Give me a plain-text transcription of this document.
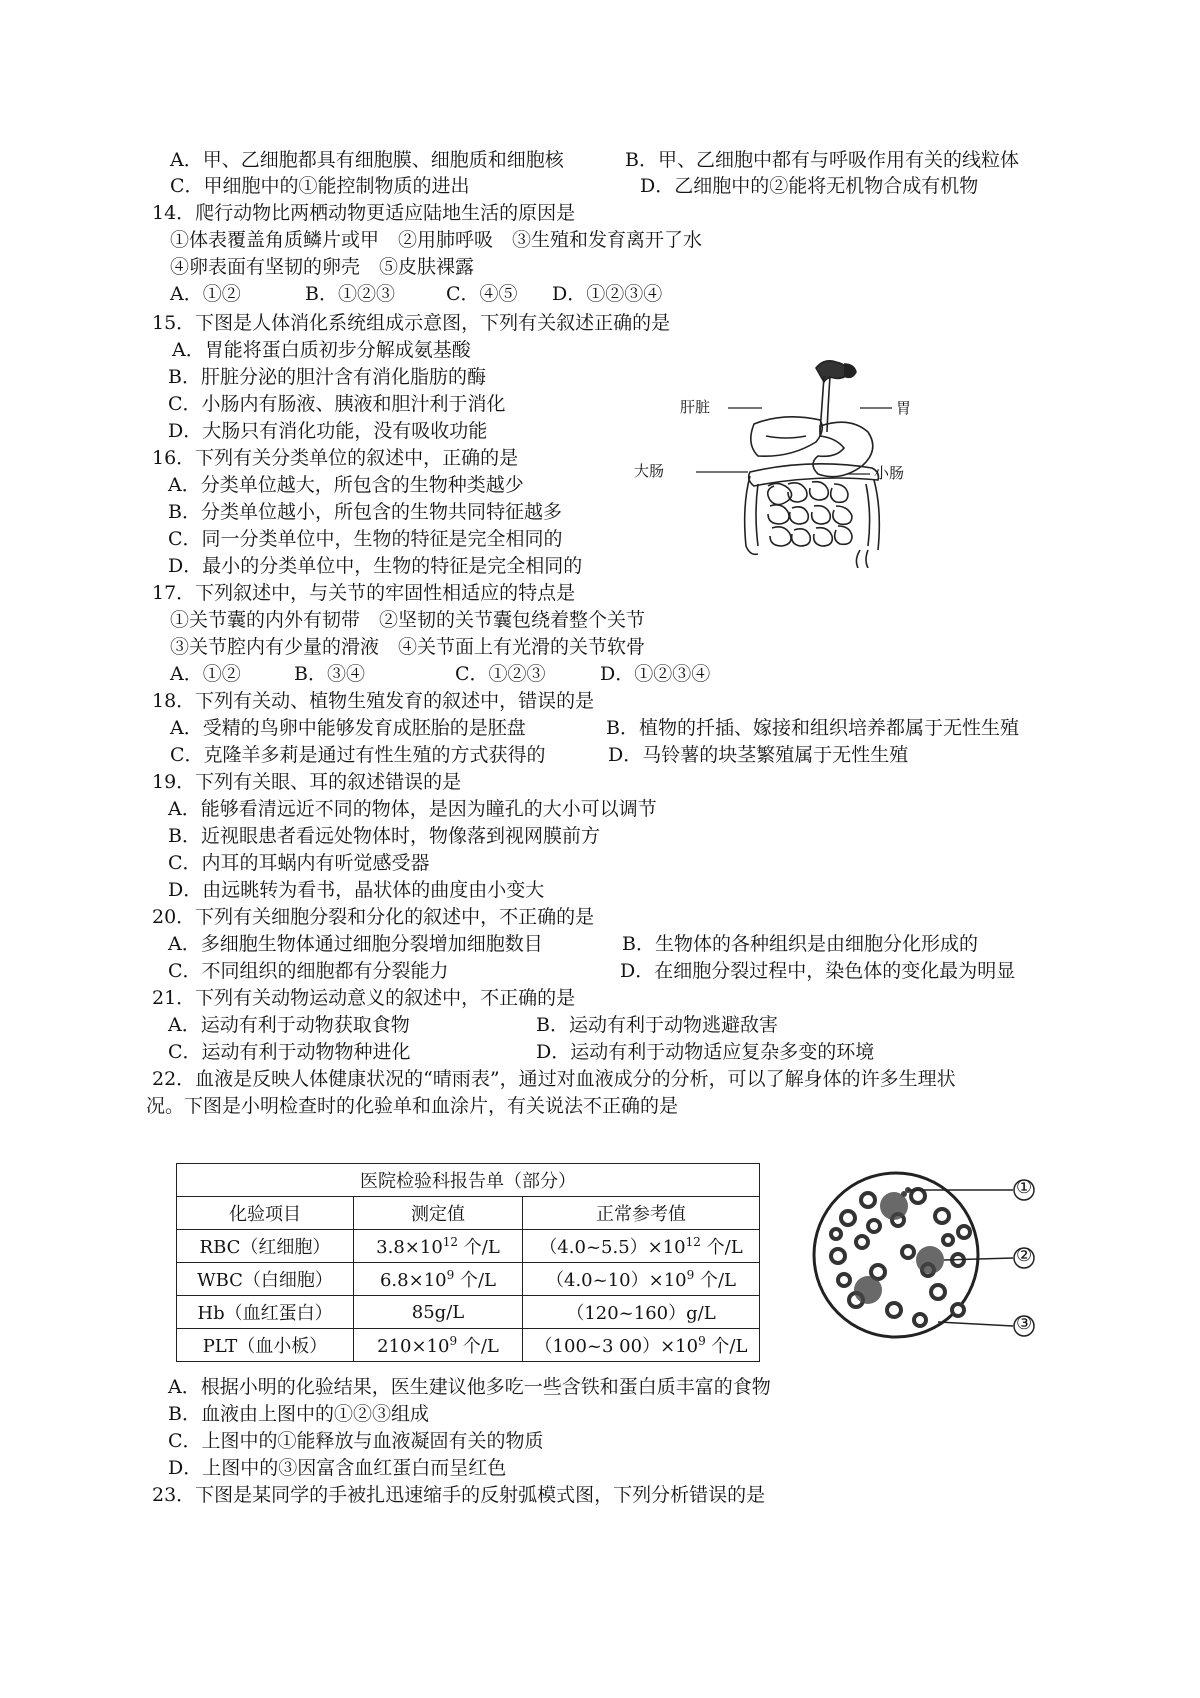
A．甲、乙细胞都具有细胞膜、细胞质和细胞核	B．甲、乙细胞中都有与呼吸作用有关的线粒体
C．甲细胞中的①能控制物质的进出	D．乙细胞中的②能将无机物合成有机物
14．爬行动物比两栖动物更适应陆地生活的原因是
①体表覆盖角质鳞片或甲　②用肺呼吸　③生殖和发育离开了水
④卵表面有坚韧的卵壳　⑤皮肤裸露
A．①②	B．①②③	C．④⑤ D．①②③④
15．下图是人体消化系统组成示意图，下列有关叙述正确的是
A．胃能将蛋白质初步分解成氨基酸
B．肝脏分泌的胆汁含有消化脂肪的酶
C．小肠内有肠液、胰液和胆汁利于消化
D．大肠只有消化功能，没有吸收功能
肝脏	胃
大肠	小肠
16．下列有关分类单位的叙述中，正确的是
A．分类单位越大，所包含的生物种类越少
B．分类单位越小，所包含的生物共同特征越多
C．同一分类单位中，生物的特征是完全相同的
D．最小的分类单位中，生物的特征是完全相同的
17．下列叙述中，与关节的牢固性相适应的特点是
①关节囊的内外有韧带　②坚韧的关节囊包绕着整个关节
③关节腔内有少量的滑液　④关节面上有光滑的关节软骨
A．①②	B．③④	C．①②③	D．①②③④
18．下列有关动、植物生殖发育的叙述中，错误的是
A．受精的鸟卵中能够发育成胚胎的是胚盘	B．植物的扦插、嫁接和组织培养都属于无性生殖
C．克隆羊多莉是通过有性生殖的方式获得的	D．马铃薯的块茎繁殖属于无性生殖
19．下列有关眼、耳的叙述错误的是
A．能够看清远近不同的物体，是因为瞳孔的大小可以调节
B．近视眼患者看远处物体时，物像落到视网膜前方
C．内耳的耳蜗内有听觉感受器
D．由远眺转为看书，晶状体的曲度由小变大
20．下列有关细胞分裂和分化的叙述中，不正确的是
A．多细胞生物体通过细胞分裂增加细胞数目	B．生物体的各种组织是由细胞分化形成的
C．不同组织的细胞都有分裂能力	D．在细胞分裂过程中，染色体的变化最为明显
21．下列有关动物运动意义的叙述中，不正确的是
A．运动有利于动物获取食物	B．运动有利于动物逃避敌害
C．运动有利于动物物种进化	D．运动有利于动物适应复杂多变的环境
22．血液是反映人体健康状况的“晴雨表”，通过对血液成分的分析，可以了解身体的许多生理状
况。下图是小明检查时的化验单和血涂片，有关说法不正确的是
医院检验科报告单（部分）		
化验项目	测定值	正常参考值
RBC（红细胞）	$3.8\times 10^{12}$ 个/L	$(4.0\sim 5.5)\times 10^{12}$ 个/L
WBC（白细胞）	$6.8\times 10^9$ 个/L	$(4.0\sim 10)\times 10^9$ 个/L
Hb（血红蛋白）	85g/L	（120~160）g/L
PLT（血小板）	$210\times 10^9$ 个/L	（100~3 $00)\times 10^9$ 个/L
①
②
③
A．根据小明的化验结果，医生建议他多吃一些含铁和蛋白质丰富的食物
B．血液由上图中的①②③组成
C．上图中的①能释放与血液凝固有关的物质
D．上图中的③因富含血红蛋白而呈红色
23．下图是某同学的手被扎迅速缩手的反射弧模式图，下列分析错误的是
